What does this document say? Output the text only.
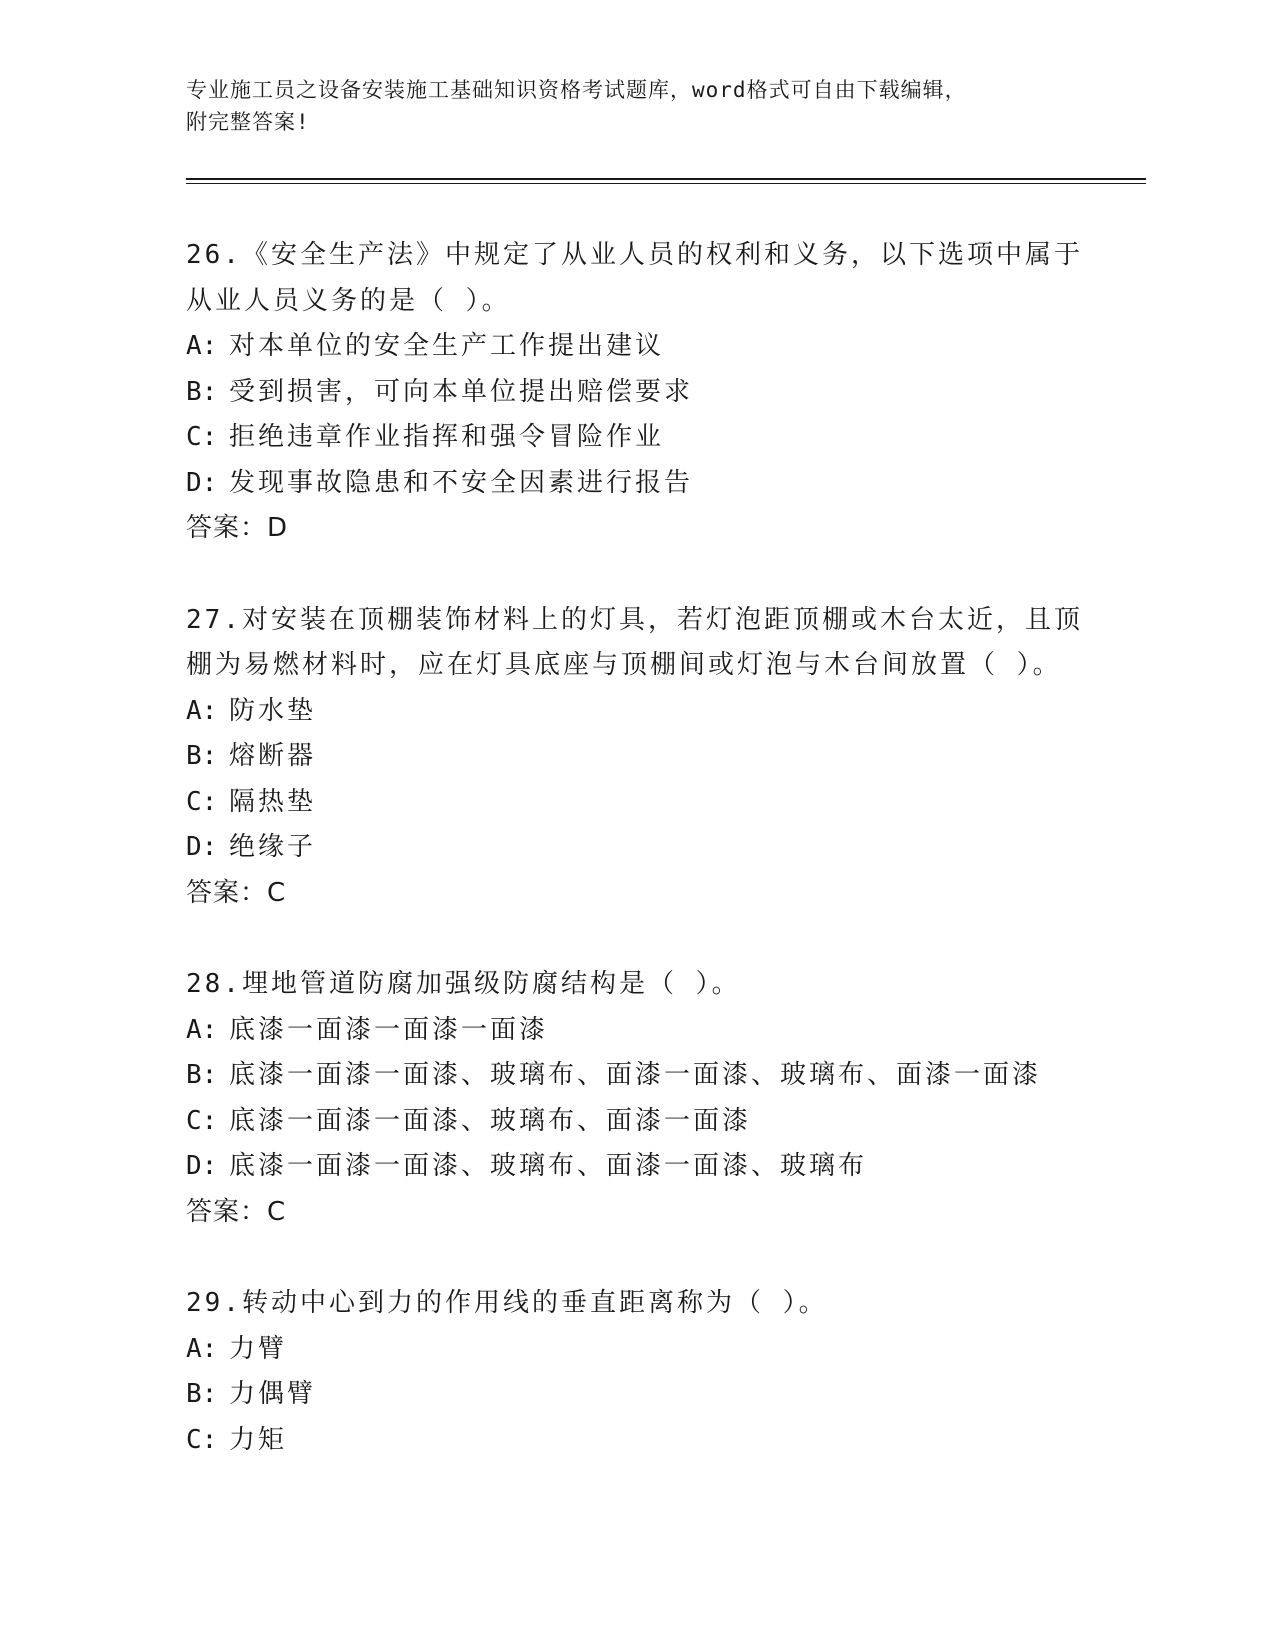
专业施工员之设备安装施工基础知识资格考试题库，word格式可自由下载编辑，
附完整答案!

26.《安全生产法》中规定了从业人员的权利和义务，以下选项中属于

从业人员义务的是（ ）。

A: 对本单位的安全生产工作提出建议

B: 受到损害，可向本单位提出赔偿要求

C: 拒绝违章作业指挥和强令冒险作业

D: 发现事故隐患和不安全因素进行报告

答案：D

27.对安装在顶棚装饰材料上的灯具，若灯泡距顶棚或木台太近，且顶

棚为易燃材料时，应在灯具底座与顶棚间或灯泡与木台间放置（ ）。

A: 防水垫

B: 熔断器

C: 隔热垫

D: 绝缘子

答案：C

28.埋地管道防腐加强级防腐结构是（ ）。

A: 底漆一面漆一面漆一面漆

B: 底漆一面漆一面漆、玻璃布、面漆一面漆、玻璃布、面漆一面漆

C: 底漆一面漆一面漆、玻璃布、面漆一面漆

D: 底漆一面漆一面漆、玻璃布、面漆一面漆、玻璃布

答案：C

29.转动中心到力的作用线的垂直距离称为（ ）。

A: 力臂

B: 力偶臂

C: 力矩
